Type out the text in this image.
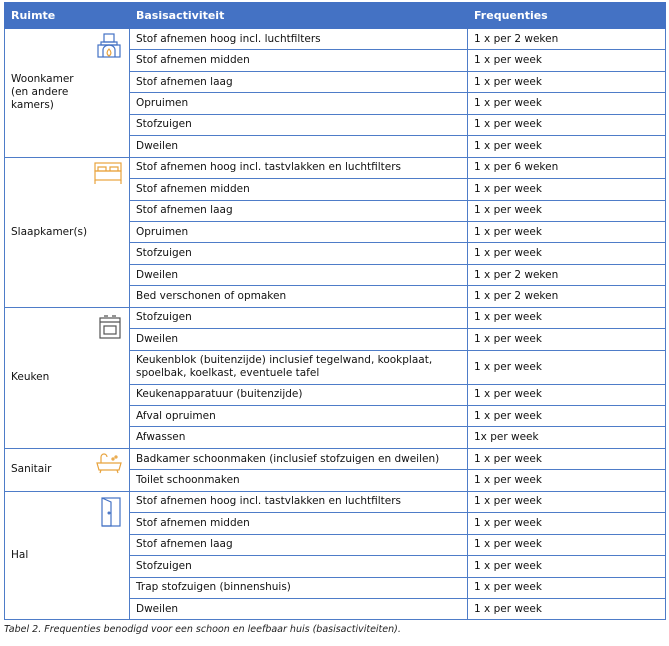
Ruimte	Basisactiviteit	Frequenties

Woonkamer (en andere kamers)	Stof afnemen hoog incl. luchtfilters	1 x per 2 weken
	Stof afnemen midden	1 x per week
	Stof afnemen laag	1 x per week
	Opruimen	1 x per week
	Stofzuigen	1 x per week
	Dweilen	1 x per week

Slaapkamer(s)	Stof afnemen hoog incl. tastvlakken en luchtfilters	1 x per 6 weken
	Stof afnemen midden	1 x per week
	Stof afnemen laag	1 x per week
	Opruimen	1 x per week
	Stofzuigen	1 x per week
	Dweilen	1 x per 2 weken
	Bed verschonen of opmaken	1 x per 2 weken

Keuken	Stofzuigen	1 x per week
	Dweilen	1 x per week
	Keukenblok (buitenzijde) inclusief tegelwand, kookplaat, spoelbak, koelkast, eventuele tafel	1 x per week
	Keukenapparatuur (buitenzijde)	1 x per week
	Afval opruimen	1 x per week
	Afwassen	1x per week

Sanitair	Badkamer schoonmaken (inclusief stofzuigen en dweilen)	1 x per week
	Toilet schoonmaken	1 x per week

Hal	Stof afnemen hoog incl. tastvlakken en luchtfilters	1 x per week
	Stof afnemen midden	1 x per week
	Stof afnemen laag	1 x per week
	Stofzuigen	1 x per week
	Trap stofzuigen (binnenshuis)	1 x per week
	Dweilen	1 x per week
Tabel 2. Frequenties benodigd voor een schoon en leefbaar huis (basisactiviteiten).
